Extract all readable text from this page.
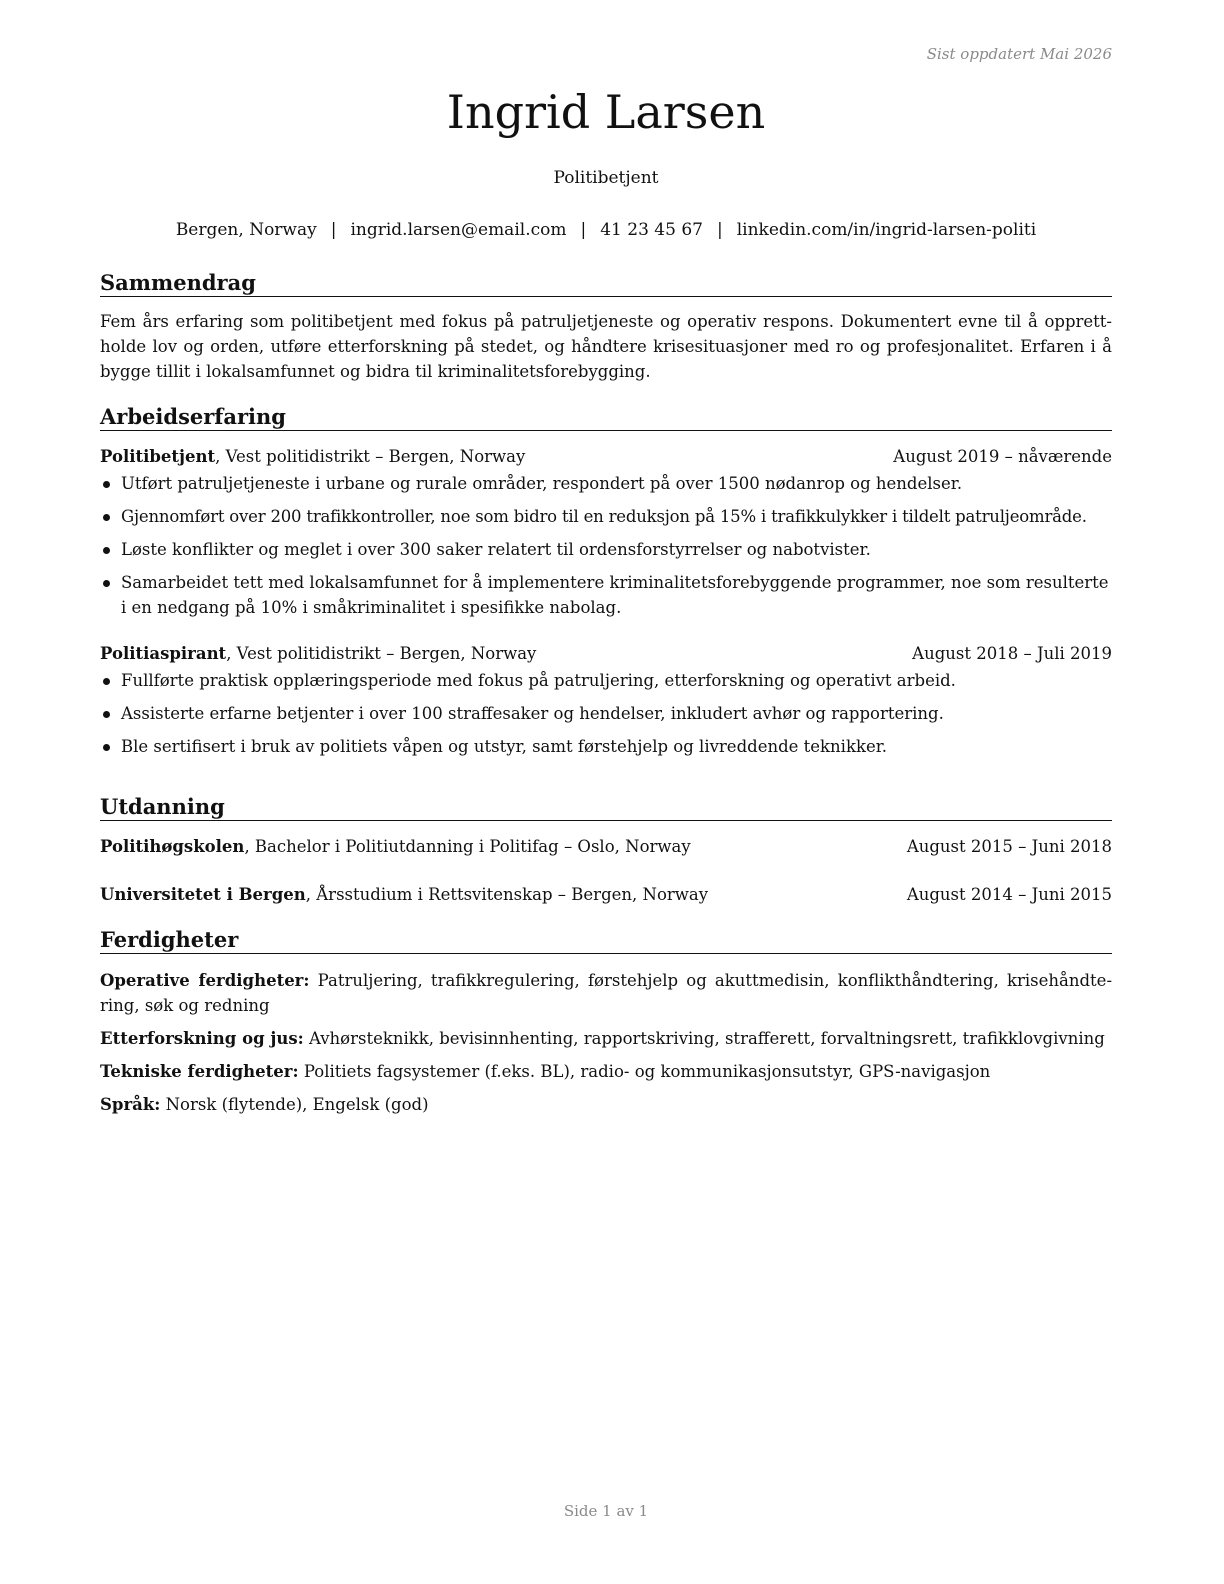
Sist oppdatert Mai 2026
Ingrid Larsen
Politibetjent
Bergen, Norway | ingrid.larsen@email.com | 41 23 45 67 | linkedin.com/in/ingrid-larsen-politi
Sammendrag

Fem års erfaring som politibetjent med fokus på patruljetjeneste og operativ respons. Dokumentert evne til å opprettholde lov og orden, utføre etterforskning på stedet, og håndtere krisesituasjoner med ro og profesjonalitet. Erfaren i å bygge tillit i lokalsamfunnet og bidra til kriminalitetsforebygging.

Arbeidserfaring
Politibetjent, Vest politidistrikt – Bergen, Norway	August 2019 – nåværende
Utført patruljetjeneste i urbane og rurale områder, respondert på over 1500 nødanrop og hendelser.
Gjennomført over 200 trafikkontroller, noe som bidro til en reduksjon på 15% i trafikkulykker i tildelt patruljeområde.
Løste konflikter og meglet i over 300 saker relatert til ordensforstyrrelser og nabotvister.
Samarbeidet tett med lokalsamfunnet for å implementere kriminalitetsforebyggende programmer, noe som resulterte i en nedgang på 10% i småkriminalitet i spesifikke nabolag.
Politiaspirant, Vest politidistrikt – Bergen, Norway	August 2018 – Juli 2019
Fullførte praktisk opplæringsperiode med fokus på patruljering, etterforskning og operativt arbeid.
Assisterte erfarne betjenter i over 100 straffesaker og hendelser, inkludert avhør og rapportering.
Ble sertifisert i bruk av politiets våpen og utstyr, samt førstehjelp og livreddende teknikker.
Utdanning
Politihøgskolen, Bachelor i Politiutdanning i Politifag – Oslo, Norway	August 2015 – Juni 2018
Universitetet i Bergen, Årsstudium i Rettsvitenskap – Bergen, Norway	August 2014 – Juni 2015
Ferdigheter
Operative ferdigheter: Patruljering, trafikkregulering, førstehjelp og akuttmedisin, konflikthåndtering, krisehåndtering, søk og redning
Etterforskning og jus: Avhørsteknikk, bevisinnhenting, rapportskriving, strafferett, forvaltningsrett, trafikklovgivning
Tekniske ferdigheter: Politiets fagsystemer (f.eks. BL), radio- og kommunikasjonsutstyr, GPS-navigasjon
Språk: Norsk (flytende), Engelsk (god)
Side 1 av 1
